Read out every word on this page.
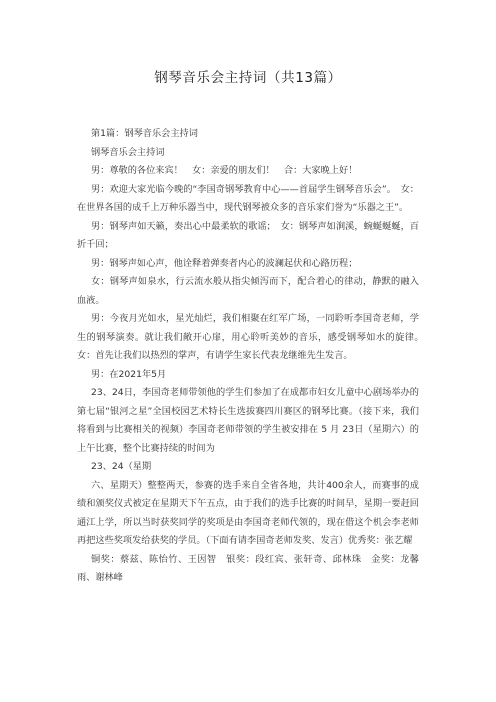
钢琴音乐会主持词（共13篇）

第1篇：钢琴音乐会主持词

钢琴音乐会主持词

男：尊敬的各位来宾！　女：亲爱的朋友们！　合：大家晚上好！

男：欢迎大家光临今晚的“李国奇钢琴教育中心——首届学生钢琴音乐会”。　女：在世界各国的成千上万种乐器当中，现代钢琴被众多的音乐家们誉为“乐器之王”。

男：钢琴声如天籁，奏出心中最柔软的歌谣；　女：钢琴声如涧溪，蜿蜒蜒蜒，百折千回；

男：钢琴声如心声，他诠释着弹奏者内心的波澜起伏和心路历程；

女：钢琴声如泉水，行云流水般从指尖倾泻而下，配合着心的律动，静默的融入血液。

男：今夜月光如水，星光灿烂，我们相聚在红军广场，一同聆听李国奇老师，学生的钢琴演奏。就让我们敞开心扉，用心聆听美妙的音乐，感受钢琴如水的旋律。　女：首先让我们以热烈的掌声，有请学生家长代表龙继维先生发言。

男：在2021年5月

23、24日，李国奇老师带领他的学生们参加了在成都市妇女儿童中心剧场举办的第七届“银河之星”全国校园艺术特长生选拔赛四川赛区的钢琴比赛。（接下来，我们将看到与比赛相关的视频）李国奇老师带领的学生被安排在 5 月 23日（星期六）的上午比赛，整个比赛持续的时间为

23、24（星期

六、星期天）整整两天，参赛的选手来自全省各地，共计400余人，而赛事的成绩和颁奖仪式被定在星期天下午五点，由于我们的选手比赛的时间早，星期一要赶回通江上学，所以当时获奖同学的奖项是由李国奇老师代领的，现在借这个机会李老师再把这些奖项发给获奖的学员。（下面有请李国奇老师发奖、发言）优秀奖：张艺耀

铜奖：蔡兹、陈怡竹、王因智　银奖：段红宾、张轩奇、邱林珠　金奖：龙馨雨、谢林峰
